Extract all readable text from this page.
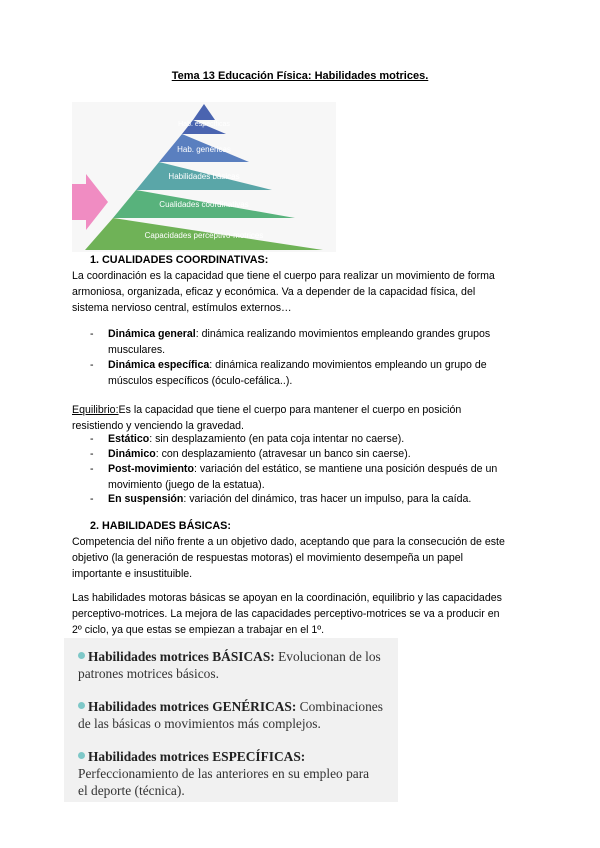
Tema 13 Educación Física: Habilidades motrices.
Hab. específicas
Hab. genéricas
Habilidades básicas
Cualidades coordinativas
Capacidades perceptivo-motrices
1. CUALIDADES COORDINATIVAS:
La coordinación es la capacidad que tiene el cuerpo para realizar un movimiento de forma
armoniosa, organizada, eficaz y económica. Va a depender de la capacidad física, del
sistema nervioso central, estímulos externos…
- Dinámica general: dinámica realizando movimientos empleando grandes grupos
musculares.
- Dinámica específica: dinámica realizando movimientos empleando un grupo de
músculos específicos (óculo-cefálica..).
Equilibrio:Es la capacidad que tiene el cuerpo para mantener el cuerpo en posición
resistiendo y venciendo la gravedad.
- Estático: sin desplazamiento (en pata coja intentar no caerse).
- Dinámico: con desplazamiento (atravesar un banco sin caerse).
- Post-movimiento: variación del estático, se mantiene una posición después de un
movimiento (juego de la estatua).
- En suspensión: variación del dinámico, tras hacer un impulso, para la caída.
2. HABILIDADES BÁSICAS:
Competencia del niño frente a un objetivo dado, aceptando que para la consecución de este
objetivo (la generación de respuestas motoras) el movimiento desempeña un papel
importante e insustituible.
Las habilidades motoras básicas se apoyan en la coordinación, equilibrio y las capacidades
perceptivo-motrices. La mejora de las capacidades perceptivo-motrices se va a producir en
2º ciclo, ya que estas se empiezan a trabajar en el 1º.
Habilidades motrices BÁSICAS: Evolucionan de los
patrones motrices básicos.
Habilidades motrices GENÉRICAS: Combinaciones
de las básicas o movimientos más complejos.
Habilidades motrices ESPECÍFICAS:
Perfeccionamiento de las anteriores en su empleo para
el deporte (técnica).
